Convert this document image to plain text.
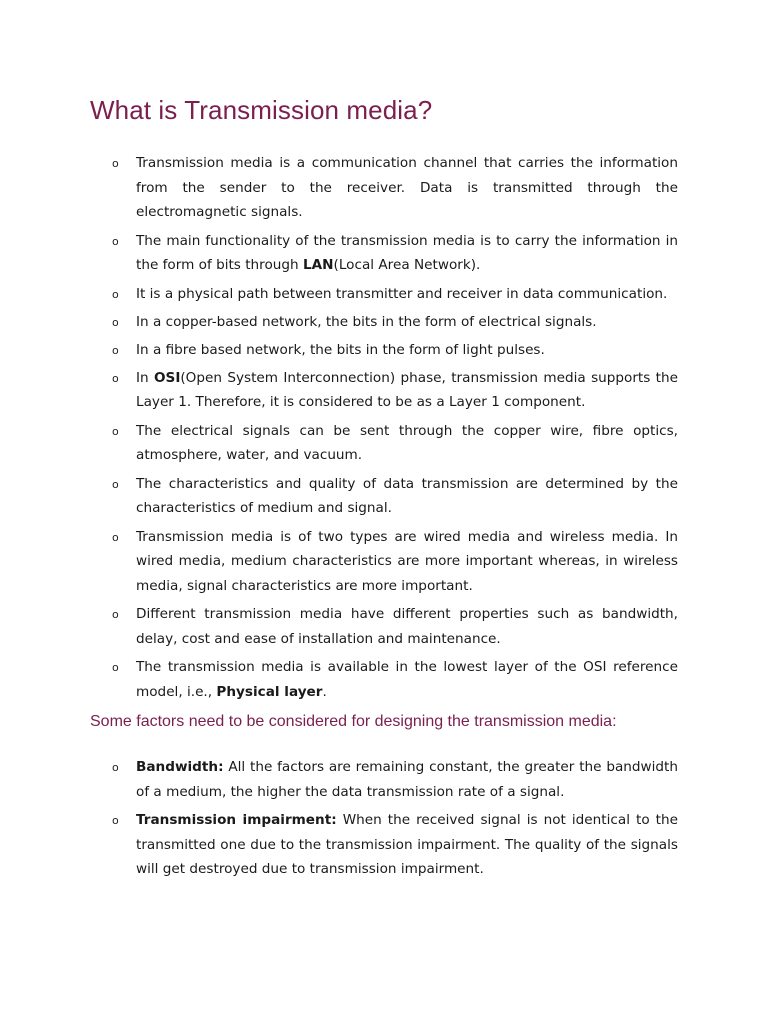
What is Transmission media?
o Transmission media is a communication channel that carries the information from the sender to the receiver. Data is transmitted through the electromagnetic signals.
o The main functionality of the transmission media is to carry the information in the form of bits through LAN(Local Area Network).
o It is a physical path between transmitter and receiver in data communication.
o In a copper-based network, the bits in the form of electrical signals.
o In a fibre based network, the bits in the form of light pulses.
o In OSI(Open System Interconnection) phase, transmission media supports the Layer 1. Therefore, it is considered to be as a Layer 1 component.
o The electrical signals can be sent through the copper wire, fibre optics, atmosphere, water, and vacuum.
o The characteristics and quality of data transmission are determined by the characteristics of medium and signal.
o Transmission media is of two types are wired media and wireless media. In wired media, medium characteristics are more important whereas, in wireless media, signal characteristics are more important.
o Different transmission media have different properties such as bandwidth, delay, cost and ease of installation and maintenance.
o The transmission media is available in the lowest layer of the OSI reference model, i.e., Physical layer.
Some factors need to be considered for designing the transmission media:
o Bandwidth: All the factors are remaining constant, the greater the bandwidth of a medium, the higher the data transmission rate of a signal.
o Transmission impairment: When the received signal is not identical to the transmitted one due to the transmission impairment. The quality of the signals will get destroyed due to transmission impairment.
